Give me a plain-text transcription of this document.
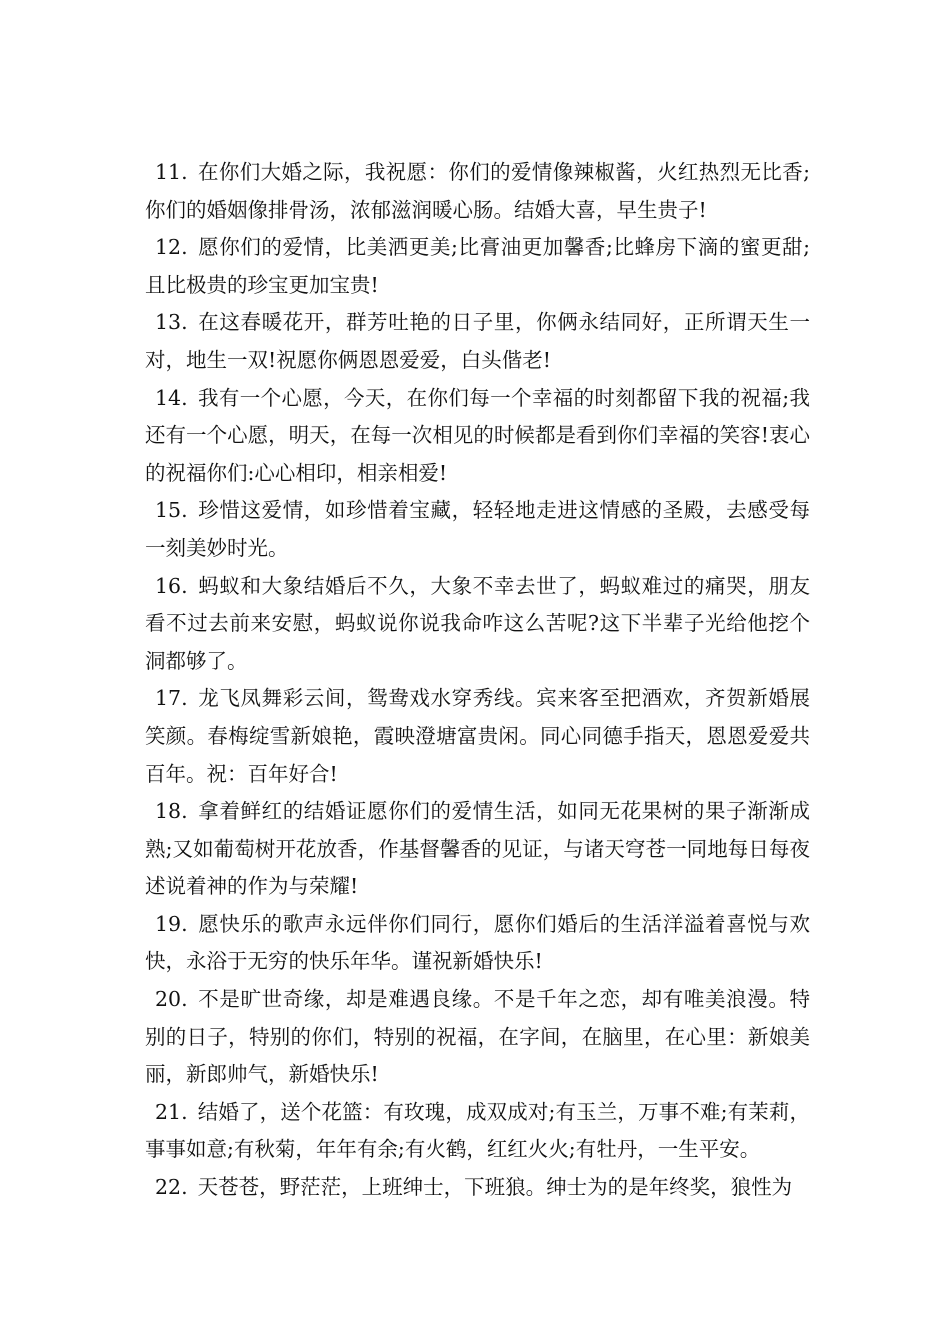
11. 在你们大婚之际，我祝愿：你们的爱情像辣椒酱，火红热烈无比香;你们的婚姻像排骨汤，浓郁滋润暖心肠。结婚大喜，早生贵子!

12. 愿你们的爱情，比美洒更美;比膏油更加馨香;比蜂房下滴的蜜更甜;且比极贵的珍宝更加宝贵!

13. 在这春暖花开，群芳吐艳的日子里，你俩永结同好，正所谓天生一对，地生一双!祝愿你俩恩恩爱爱，白头偕老!

14. 我有一个心愿，今天，在你们每一个幸福的时刻都留下我的祝福;我还有一个心愿，明天，在每一次相见的时候都是看到你们幸福的笑容!衷心的祝福你们:心心相印，相亲相爱!

15. 珍惜这爱情，如珍惜着宝藏，轻轻地走进这情感的圣殿，去感受每一刻美妙时光。

16. 蚂蚁和大象结婚后不久，大象不幸去世了，蚂蚁难过的痛哭，朋友看不过去前来安慰，蚂蚁说你说我命咋这么苦呢?这下半辈子光给他挖个洞都够了。

17. 龙飞凤舞彩云间，鸳鸯戏水穿秀线。宾来客至把酒欢，齐贺新婚展笑颜。春梅绽雪新娘艳，霞映澄塘富贵闲。同心同德手指天，恩恩爱爱共百年。祝：百年好合!

18. 拿着鲜红的结婚证愿你们的爱情生活，如同无花果树的果子渐渐成熟;又如葡萄树开花放香，作基督馨香的见证，与诸天穹苍一同地每日每夜述说着神的作为与荣耀!

19. 愿快乐的歌声永远伴你们同行，愿你们婚后的生活洋溢着喜悦与欢快，永浴于无穷的快乐年华。谨祝新婚快乐!

20. 不是旷世奇缘，却是难遇良缘。不是千年之恋，却有唯美浪漫。特别的日子，特别的你们，特别的祝福，在字间，在脑里，在心里：新娘美丽，新郎帅气，新婚快乐!

21. 结婚了，送个花篮：有玫瑰，成双成对;有玉兰，万事不难;有茉莉，事事如意;有秋菊，年年有余;有火鹤，红红火火;有牡丹，一生平安。

22. 天苍苍，野茫茫，上班绅士，下班狼。绅士为的是年终奖，狼性为
